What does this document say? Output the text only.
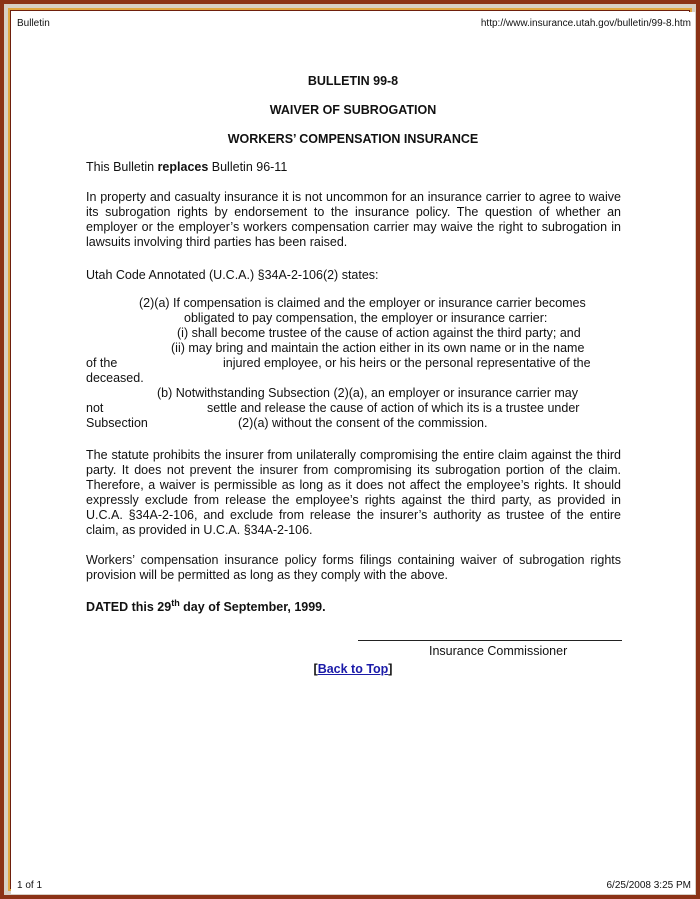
Bulletin	http://www.insurance.utah.gov/bulletin/99-8.htm
BULLETIN 99-8
WAIVER OF SUBROGATION
WORKERS’ COMPENSATION INSURANCE
This Bulletin replaces Bulletin 96-11
In property and casualty insurance it is not uncommon for an insurance carrier to agree to waive its subrogation rights by endorsement to the insurance policy. The question of whether an employer or the employer’s workers compensation carrier may waive the right to subrogation in lawsuits involving third parties has been raised.
Utah Code Annotated (U.C.A.) §34A-2-106(2) states:
(2)(a) If compensation is claimed and the employer or insurance carrier becomes
obligated to pay compensation, the employer or insurance carrier:
(i) shall become trustee of the cause of action against the third party; and
(ii) may bring and maintain the action either in its own name or in the name
of the	injured employee, or his heirs or the personal representative of the
deceased.
(b) Notwithstanding Subsection (2)(a), an employer or insurance carrier may
not	settle and release the cause of action of which its is a trustee under
Subsection	(2)(a) without the consent of the commission.
The statute prohibits the insurer from unilaterally compromising the entire claim against the third party. It does not prevent the insurer from compromising its subrogation portion of the claim. Therefore, a waiver is permissible as long as it does not affect the employee’s rights. It should expressly exclude from release the employee’s rights against the third party, as provided in U.C.A. §34A-2-106, and exclude from release the insurer’s authority as trustee of the entire claim, as provided in U.C.A. §34A-2-106.
Workers’ compensation insurance policy forms filings containing waiver of subrogation rights provision will be permitted as long as they comply with the above.
DATED this 29th day of September, 1999.
Insurance Commissioner
[Back to Top]
1 of 1	6/25/2008 3:25 PM
